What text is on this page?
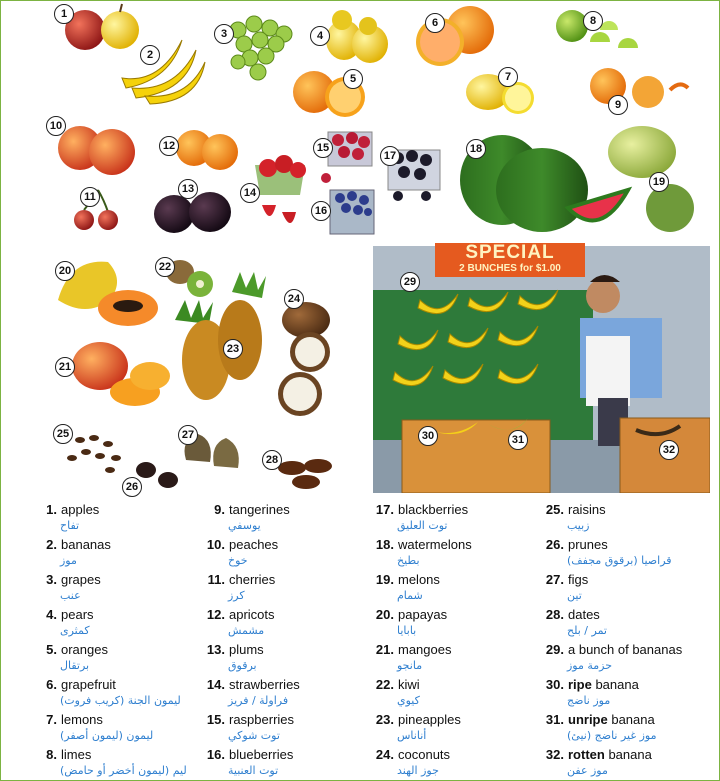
SPECIAL
2 BUNCHES for $1.00
1
2
3	4
5
6
7
8
9
10
11
12
13	14
15
16
17
18
19
20
21
22
23
24
25
26
27
28
29
30	31
32
1. apples
تفاح
2. bananas
موز
3. grapes
عنب
4. pears
كمثرى
5. oranges
برتقال
6. grapefruit
ليمون الجنة (كريب فروت)
7. lemons
ليمون (ليمون أصفر)
8. limes
ليم (ليمون أخضر أو حامض)
9. tangerines
يوسفي
10. peaches
خوخ
11. cherries
كرز
12. apricots
مشمش
13. plums
برقوق
14. strawberries
فراولة / فريز
15. raspberries
توت شوكي
16. blueberries
توت العنبية
17. blackberries
توت العليق
18. watermelons
بطيخ
19. melons
شمام
20. papayas
بابايا
21. mangoes
مانجو
22. kiwi
كيوي
23. pineapples
أناناس
24. coconuts
جوز الهند
25. raisins
زبيب
26. prunes
قراصيا (برقوق مجفف)
27. figs
تين
28. dates
تمر / بلح
29. a bunch of bananas
حزمة موز
30. ripe banana
موز ناضج
31. unripe banana
موز غير ناضج (نيئ)
32. rotten banana
موز عفن
